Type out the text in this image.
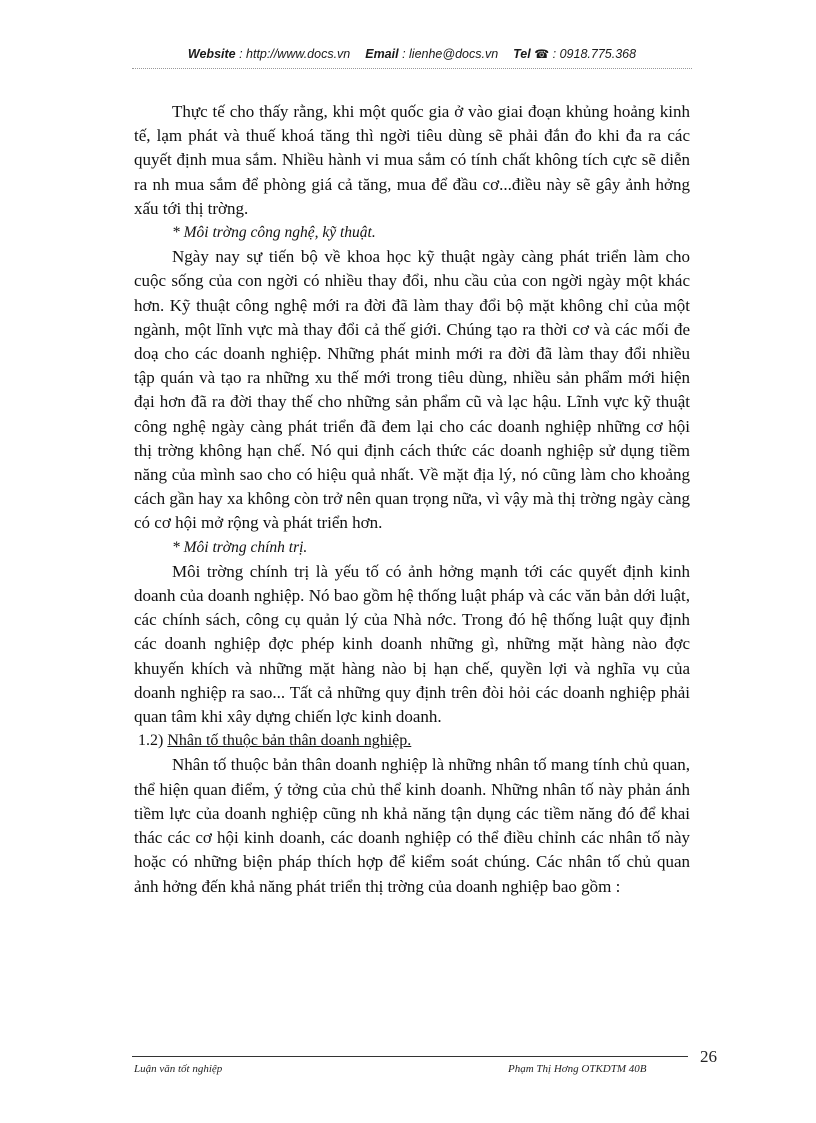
Website : http://www.docs.vn Email : lienhe@docs.vn Tel ☎ : 0918.775.368

Thực tế cho thấy rằng, khi một quốc gia ở vào giai đoạn khủng hoảng kinh tế, lạm phát và thuế khoá tăng thì ngời tiêu dùng sẽ phải đắn đo khi đa ra các quyết định mua sắm. Nhiều hành vi mua sắm có tính chất không tích cực sẽ diễn ra nh mua sắm để phòng giá cả tăng, mua để đầu cơ...điều này sẽ gây ảnh hởng xấu tới thị trờng.

* Môi trờng công nghệ, kỹ thuật.

Ngày nay sự tiến bộ về khoa học kỹ thuật ngày càng phát triển làm cho cuộc sống của con ngời có nhiều thay đổi, nhu cầu của con ngời ngày một khác hơn. Kỹ thuật công nghệ mới ra đời đã làm thay đổi bộ mặt không chỉ của một ngành, một lĩnh vực mà thay đổi cả thế giới. Chúng tạo ra thời cơ và các mối đe doạ cho các doanh nghiệp. Những phát minh mới ra đời đã làm thay đổi nhiều tập quán và tạo ra những xu thế mới trong tiêu dùng, nhiều sản phẩm mới hiện đại hơn đã ra đời thay thế cho những sản phẩm cũ và lạc hậu. Lĩnh vực kỹ thuật công nghệ ngày càng phát triển đã đem lại cho các doanh nghiệp những cơ hội thị trờng không hạn chế. Nó qui định cách thức các doanh nghiệp sử dụng tiềm năng của mình sao cho có hiệu quả nhất. Về mặt địa lý, nó cũng làm cho khoảng cách gần hay xa không còn trở nên quan trọng nữa, vì vậy mà thị trờng ngày càng có cơ hội mở rộng và phát triển hơn.

* Môi trờng chính trị.

Môi trờng chính trị là yếu tố có ảnh hởng mạnh tới các quyết định kinh doanh của doanh nghiệp. Nó bao gồm hệ thống luật pháp và các văn bản dới luật, các chính sách, công cụ quản lý của Nhà nớc. Trong đó hệ thống luật quy định các doanh nghiệp đợc phép kinh doanh những gì, những mặt hàng nào đợc khuyến khích và những mặt hàng nào bị hạn chế, quyền lợi và nghĩa vụ của doanh nghiệp ra sao... Tất cả những quy định trên đòi hỏi các doanh nghiệp phải quan tâm khi xây dựng chiến lợc kinh doanh.

1.2) Nhân tố thuộc bản thân doanh nghiệp.

Nhân tố thuộc bản thân doanh nghiệp là những nhân tố mang tính chủ quan, thể hiện quan điểm, ý tởng của chủ thể kinh doanh. Những nhân tố này phản ánh tiềm lực của doanh nghiệp cũng nh khả năng tận dụng các tiềm năng đó để khai thác các cơ hội kinh doanh, các doanh nghiệp có thể điều chỉnh các nhân tố này hoặc có những biện pháp thích hợp để kiểm soát chúng. Các nhân tố chủ quan ảnh hởng đến khả năng phát triển thị trờng của doanh nghiệp bao gồm :

Luận văn tốt nghiệp	Phạm Thị Hơng OTKDTM 40B
26
